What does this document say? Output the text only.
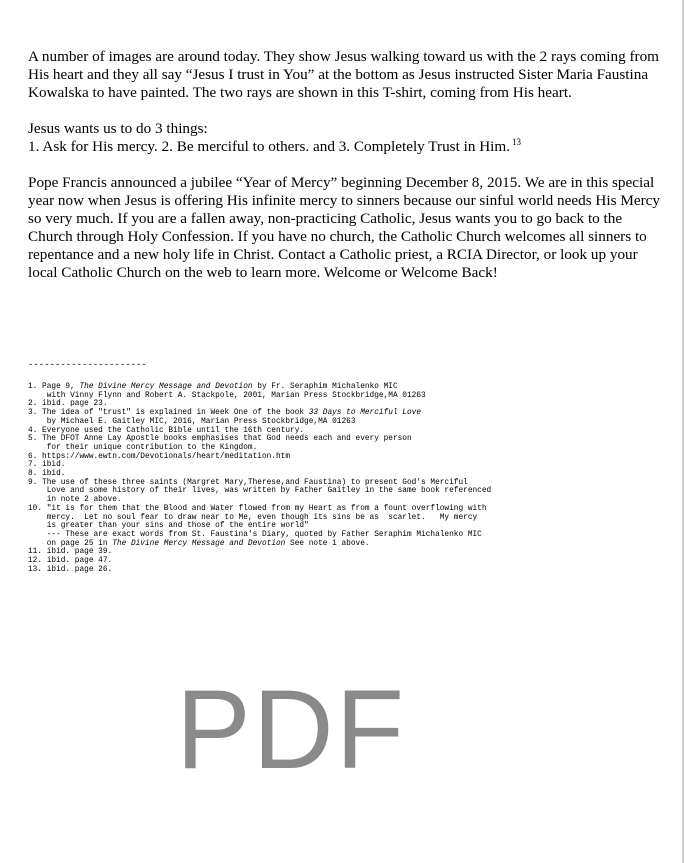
A number of images are around today. They show Jesus walking toward us with the 2 rays coming from His heart and they all say “Jesus I trust in You” at the bottom as Jesus instructed Sister Maria Faustina Kowalska to have painted. The two rays are shown in this T-shirt, coming from His heart.

Jesus wants us to do 3 things:
1. Ask for His mercy. 2. Be merciful to others. and 3. Completely Trust in Him. $^{13}$

Pope Francis announced a jubilee “Year of Mercy” beginning December 8, 2015. We are in this special year now when Jesus is offering His infinite mercy to sinners because our sinful world needs His Mercy so very much. If you are a fallen away, non-practicing Catholic, Jesus wants you to go back to the Church through Holy Confession. If you have no church, the Catholic Church welcomes all sinners to repentance and a new holy life in Christ. Contact a Catholic priest, a RCIA Director, or look up your local Catholic Church on the web to learn more. Welcome or Welcome Back!

----------------------
1. Page 9, The Divine Mercy Message and Devotion by Fr. Seraphim Michalenko MIC
with Vinny Flynn and Robert A. Stackpole, 2001, Marian Press Stockbridge,MA 01263
2. ibid. page 23.
3. The idea of "trust" is explained in Week One of the book 33 Days to Merciful Love
by Michael E. Gaitley MIC, 2016, Marian Press Stockbridge,MA 01263
4. Everyone used the Catholic Bible until the 16th century.
5. The DFOT Anne Lay Apostle books emphasises that God needs each and every person
for their unique contribution to the Kingdom.
6. https://www.ewtn.com/Devotionals/heart/meditation.htm
7. ibid.
8. ibid.
9. The use of these three saints (Margret Mary,Therese,and Faustina) to present God's Merciful
Love and some history of their lives, was written by Father Gaitley in the same book referenced
in note 2 above.
10. "it is for them that the Blood and Water flowed from my Heart as from a fount overflowing with
mercy.  Let no soul fear to draw near to Me, even though its sins be as  scarlet.   My mercy
is greater than your sins and those of the entire world"
--- These are exact words from St. Faustina's Diary, quoted by Father Seraphim Michalenko MIC
on page 25 in The Divine Mercy Message and Devotion See note 1 above.
11. ibid. page 39.
12. ibid. page 47.
13. ibid. page 26.
PDF
